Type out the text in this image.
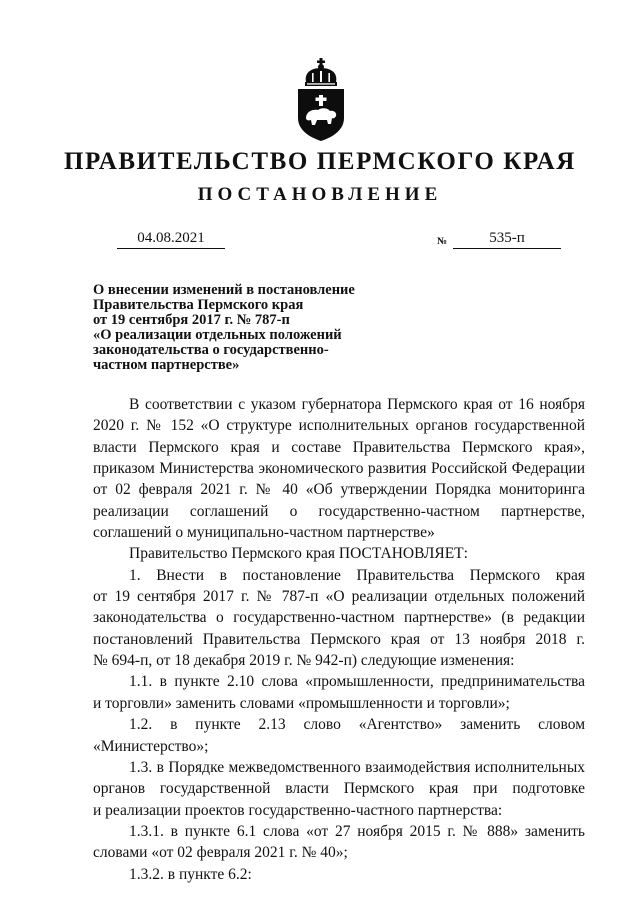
ПРАВИТЕЛЬСТВО ПЕРМСКОГО КРАЯ
ПОСТАНОВЛЕНИЕ
04.08.2021	№	535-п
О внесении изменений в постановление
Правительства Пермского края
от 19 сентября 2017 г. № 787-п
«О реализации отдельных положений
законодательства о государственно-
частном партнерстве»
В соответствии с указом губернатора Пермского края от 16 ноября
2020 г. № 152 «О структуре исполнительных органов государственной
власти Пермского края и составе Правительства Пермского края»,
приказом Министерства экономического развития Российской Федерации
от 02 февраля 2021 г. № 40 «Об утверждении Порядка мониторинга
реализации соглашений о государственно-частном партнерстве,
соглашений о муниципально-частном партнерстве»
Правительство Пермского края ПОСТАНОВЛЯЕТ:
1. Внести в постановление Правительства Пермского края
от 19 сентября 2017 г. № 787-п «О реализации отдельных положений
законодательства о государственно-частном партнерстве» (в редакции
постановлений Правительства Пермского края от 13 ноября 2018 г.
№ 694-п, от 18 декабря 2019 г. № 942-п) следующие изменения:
1.1. в пункте 2.10 слова «промышленности, предпринимательства
и торговли» заменить словами «промышленности и торговли»;
1.2. в пункте 2.13 слово «Агентство» заменить словом
«Министерство»;
1.3. в Порядке межведомственного взаимодействия исполнительных
органов государственной власти Пермского края при подготовке
и реализации проектов государственно-частного партнерства:
1.3.1. в пункте 6.1 слова «от 27 ноября 2015 г. № 888» заменить
словами «от 02 февраля 2021 г. № 40»;
1.3.2. в пункте 6.2:
